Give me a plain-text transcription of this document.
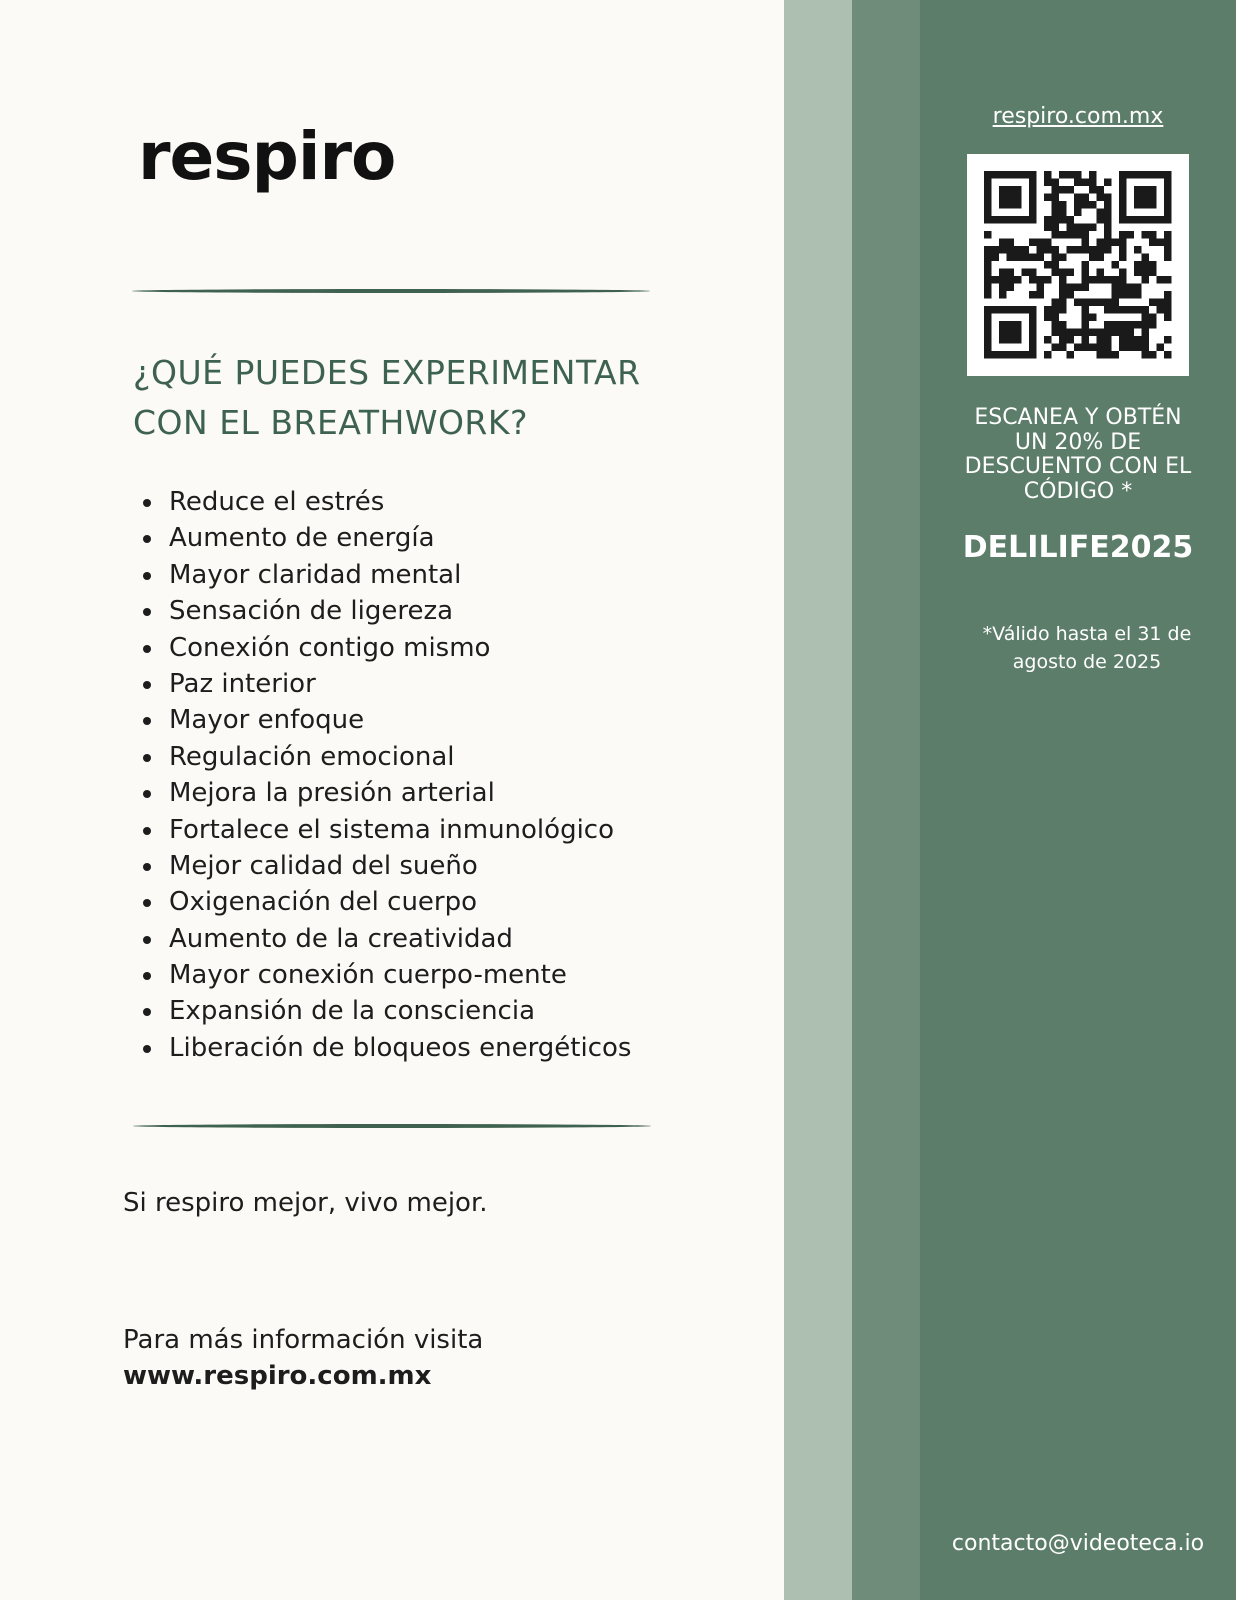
respiro
¿QUÉ PUEDES EXPERIMENTAR
CON EL BREATHWORK?
Reduce el estrés
Aumento de energía
Mayor claridad mental
Sensación de ligereza
Conexión contigo mismo
Paz interior
Mayor enfoque
Regulación emocional
Mejora la presión arterial
Fortalece el sistema inmunológico
Mejor calidad del sueño
Oxigenación del cuerpo
Aumento de la creatividad
Mayor conexión cuerpo-mente
Expansión de la consciencia
Liberación de bloqueos energéticos
Si respiro mejor, vivo mejor.
Para más información visita
www.respiro.com.mx
respiro.com.mx
ESCANEA Y OBTÉN
UN 20% DE
DESCUENTO CON EL
CÓDIGO *
DELILIFE2025
*Válido hasta el 31 de
agosto de 2025
contacto@videoteca.io
